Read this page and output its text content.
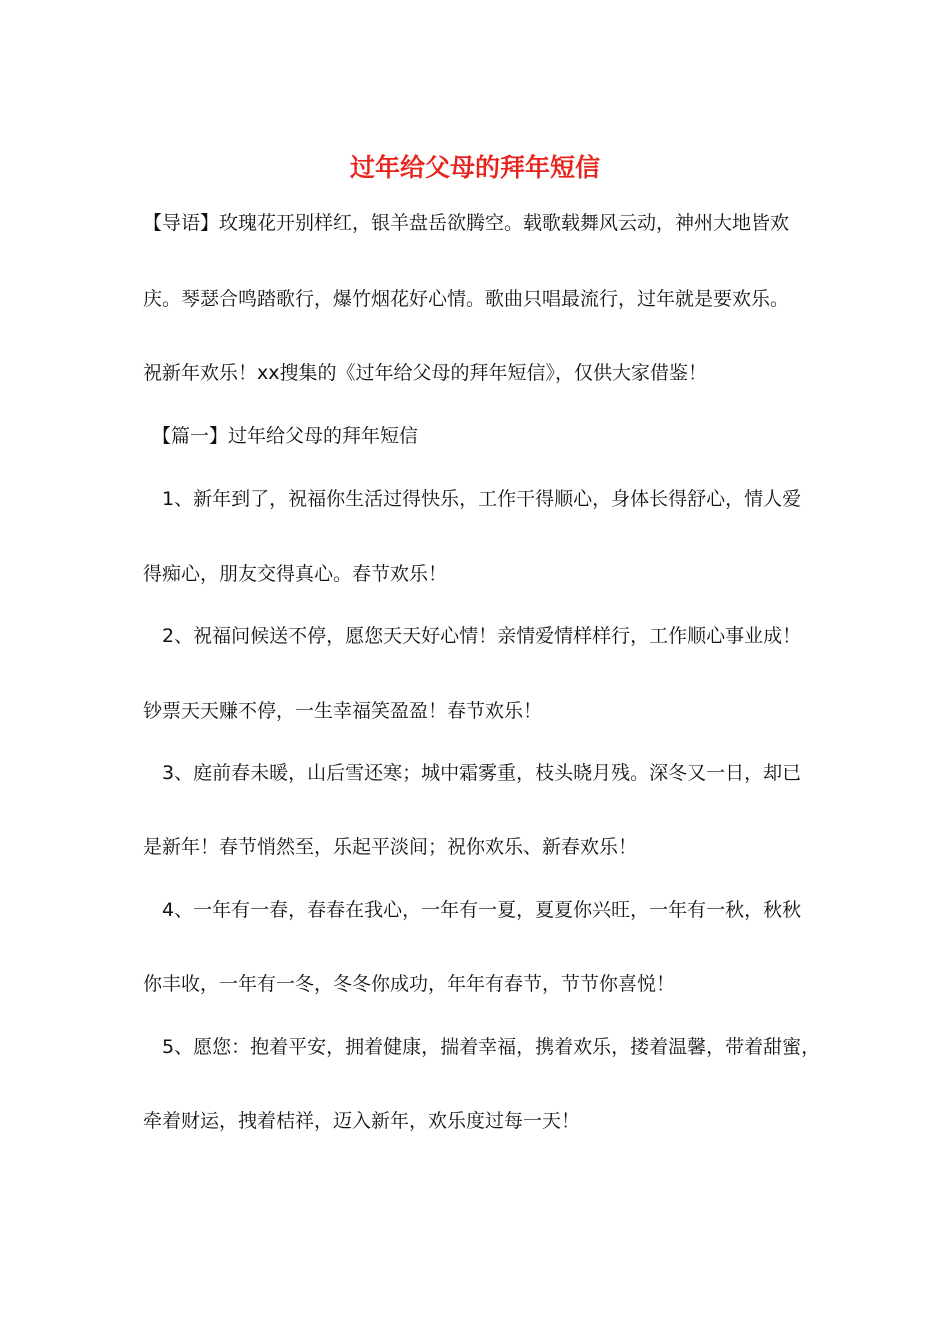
过年给父母的拜年短信
【导语】玫瑰花开别样红，银羊盘岳欲腾空。载歌载舞风云动，神州大地皆欢
庆。琴瑟合鸣踏歌行，爆竹烟花好心情。歌曲只唱最流行，过年就是要欢乐。
祝新年欢乐！xx搜集的《过年给父母的拜年短信》，仅供大家借鉴！
【篇一】过年给父母的拜年短信
1、新年到了，祝福你生活过得快乐，工作干得顺心，身体长得舒心，情人爱
得痴心，朋友交得真心。春节欢乐！
2、祝福问候送不停，愿您天天好心情！亲情爱情样样行，工作顺心事业成！
钞票天天赚不停，一生幸福笑盈盈！春节欢乐！
3、庭前春未暖，山后雪还寒；城中霜雾重，枝头晓月残。深冬又一日，却已
是新年！春节悄然至，乐起平淡间；祝你欢乐、新春欢乐！
4、一年有一春，春春在我心，一年有一夏，夏夏你兴旺，一年有一秋，秋秋
你丰收，一年有一冬，冬冬你成功，年年有春节，节节你喜悦！
5、愿您：抱着平安，拥着健康，揣着幸福，携着欢乐，搂着温馨，带着甜蜜，
牵着财运，拽着桔祥，迈入新年，欢乐度过每一天！
